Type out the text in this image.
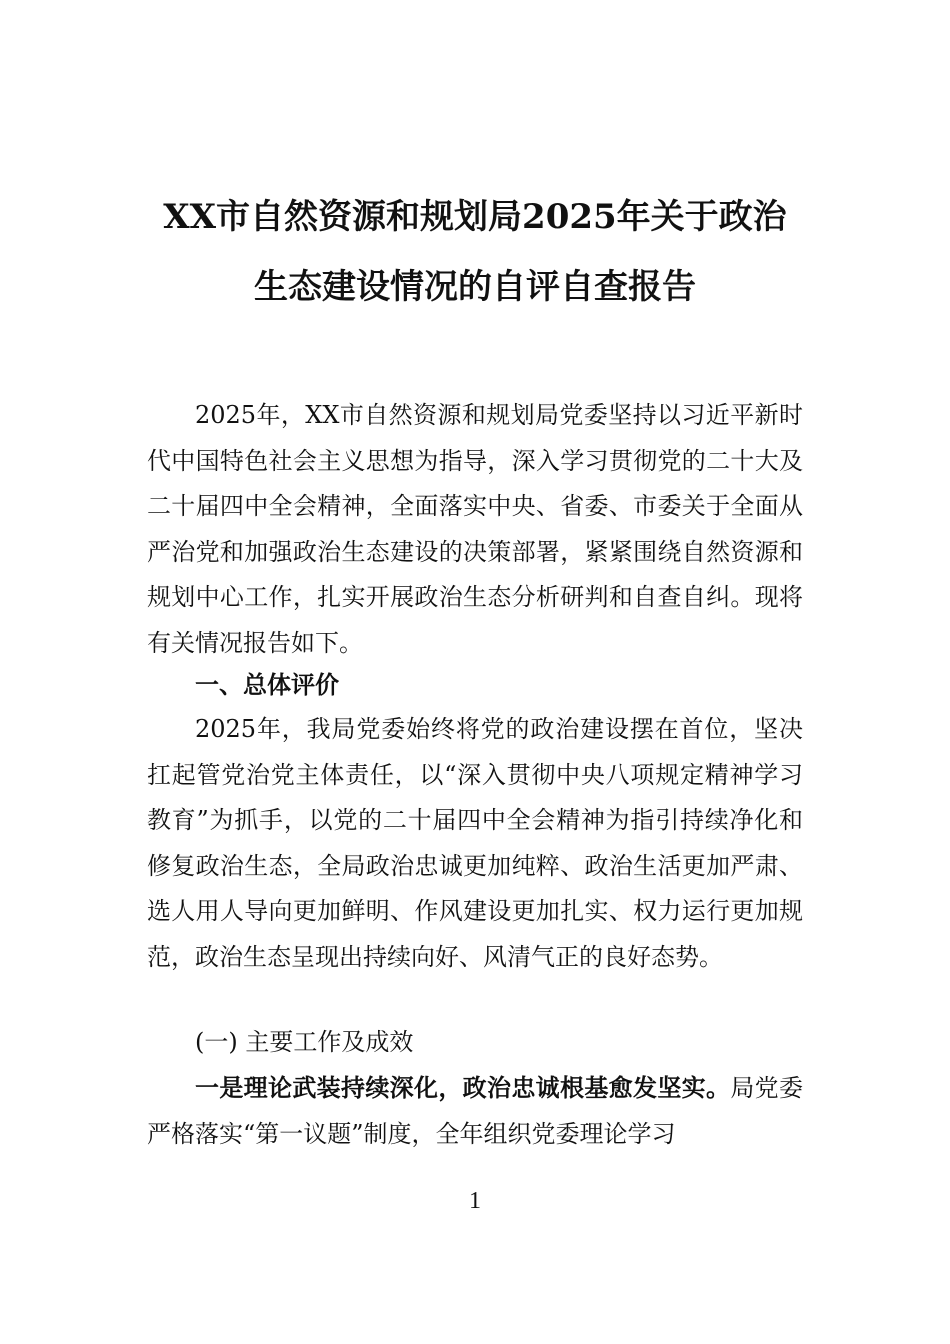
XX市自然资源和规划局2025年关于政治
生态建设情况的自评自查报告

2025年，XX市自然资源和规划局党委坚持以习近平新时代中国特色社会主义思想为指导，深入学习贯彻党的二十大及二十届四中全会精神，全面落实中央、省委、市委关于全面从严治党和加强政治生态建设的决策部署，紧紧围绕自然资源和规划中心工作，扎实开展政治生态分析研判和自查自纠。现将有关情况报告如下。

一、总体评价

2025年，我局党委始终将党的政治建设摆在首位，坚决扛起管党治党主体责任，以“深入贯彻中央八项规定精神学习教育”为抓手，以党的二十届四中全会精神为指引持续净化和修复政治生态，全局政治忠诚更加纯粹、政治生活更加严肃、选人用人导向更加鲜明、作风建设更加扎实、权力运行更加规范，政治生态呈现出持续向好、风清气正的良好态势。

(一) 主要工作及成效

一是理论武装持续深化，政治忠诚根基愈发坚实。局党委严格落实“第一议题”制度，全年组织党委理论学习

1
